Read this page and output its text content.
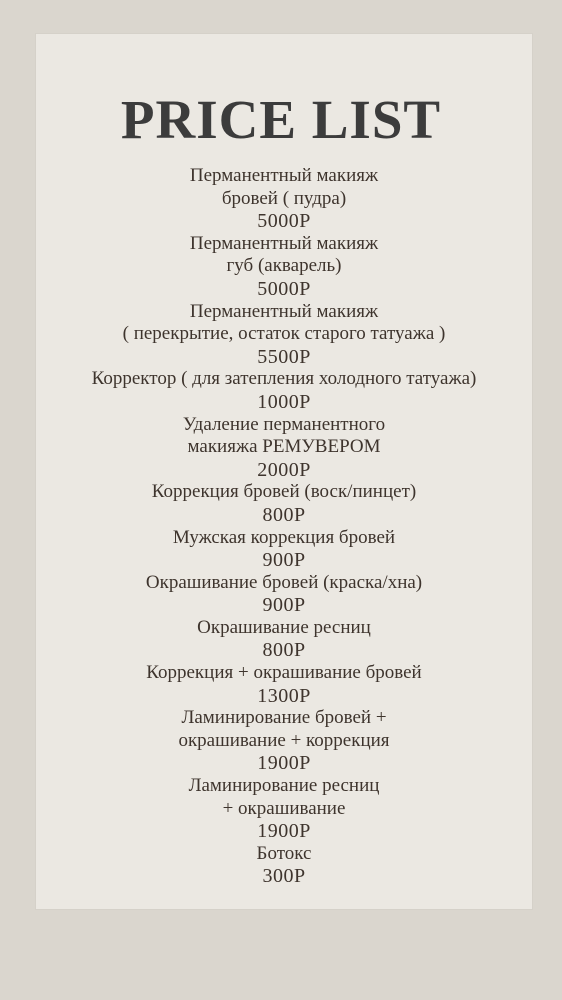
PRICE LIST
Перманентный макияж
бровей ( пудра)
5000Р
Перманентный макияж
губ (акварель)
5000Р
Перманентный макияж
( перекрытие, остаток старого татуажа )
5500Р
Корректор ( для затепления холодного татуажа)
1000Р
Удаление перманентного
макияжа РЕМУВЕРОМ
2000Р
Коррекция бровей (воск/пинцет)
800Р
Мужская коррекция бровей
900Р
Окрашивание бровей (краска/хна)
900Р
Окрашивание ресниц
800Р
Коррекция + окрашивание бровей
1300Р
Ламинирование бровей +
окрашивание + коррекция
1900Р
Ламинирование ресниц
+ окрашивание
1900Р
Ботокс
300Р
